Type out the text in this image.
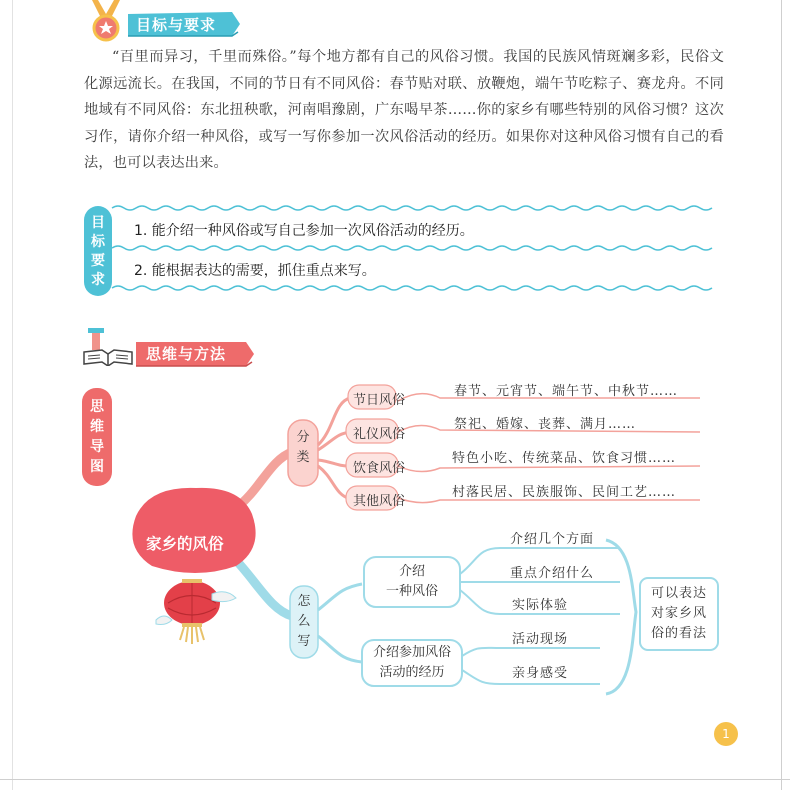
目标与要求
“百里而异习，千里而殊俗。”每个地方都有自己的风俗习惯。我国的民族风情斑斓多彩，民俗文化源远流长。在我国，不同的节日有不同风俗：春节贴对联、放鞭炮，端午节吃粽子、赛龙舟。不同地域有不同风俗：东北扭秧歌，河南唱豫剧，广东喝早茶……你的家乡有哪些特别的风俗习惯？这次习作，请你介绍一种风俗，或写一写你参加一次风俗活动的经历。如果你对这种风俗习惯有自己的看法，也可以表达出来。
目标要求
1. 能介绍一种风俗或写自己参加一次风俗活动的经历。
2. 能根据表达的需要，抓住重点来写。
思维与方法
思维导图
家乡的风俗
分类
怎么写
节日风俗
礼仪风俗
饮食风俗
其他风俗
春节、元宵节、端午节、中秋节……
祭祀、婚嫁、丧葬、满月……
特色小吃、传统菜品、饮食习惯……
村落民居、民族服饰、民间工艺……
介绍
一种风俗
介绍参加风俗
活动的经历
介绍几个方面
重点介绍什么
实际体验
活动现场
亲身感受
可以表达
对家乡风
俗的看法
1
